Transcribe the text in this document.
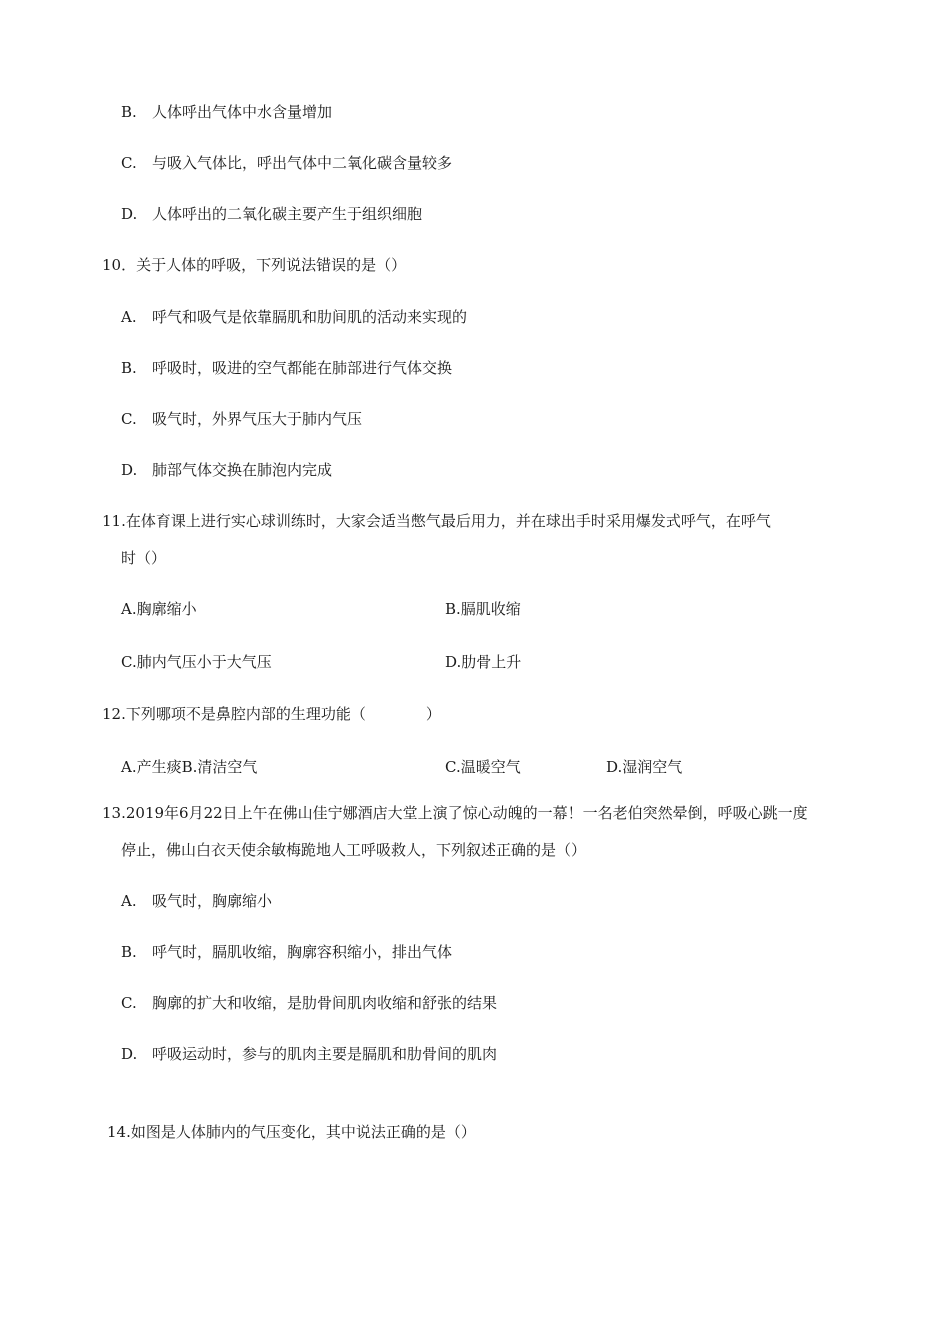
B. 人体呼出气体中水含量增加
C. 与吸入气体比，呼出气体中二氧化碳含量较多
D. 人体呼出的二氧化碳主要产生于组织细胞
10．关于人体的呼吸，下列说法错误的是（）
A. 呼气和吸气是依靠膈肌和肋间肌的活动来实现的
B. 呼吸时，吸进的空气都能在肺部进行气体交换
C. 吸气时，外界气压大于肺内气压
D. 肺部气体交换在肺泡内完成
11.在体育课上进行实心球训练时，大家会适当憋气最后用力，并在球出手时采用爆发式呼气，在呼气
时（）
A.胸廓缩小	B.膈肌收缩
C.肺内气压小于大气压	D.肋骨上升
12.下列哪项不是鼻腔内部的生理功能（　　　　）
A.产生痰B.清洁空气	C.温暖空气	D.湿润空气
13.2019年6月22日上午在佛山佳宁娜酒店大堂上演了惊心动魄的一幕！一名老伯突然晕倒，呼吸心跳一度
停止，佛山白衣天使余敏梅跪地人工呼吸救人，下列叙述正确的是（）
A. 吸气时，胸廓缩小
B. 呼气时，膈肌收缩，胸廓容积缩小，排出气体
C. 胸廓的扩大和收缩，是肋骨间肌肉收缩和舒张的结果
D. 呼吸运动时，参与的肌肉主要是膈肌和肋骨间的肌肉
14.如图是人体肺内的气压变化，其中说法正确的是（）
